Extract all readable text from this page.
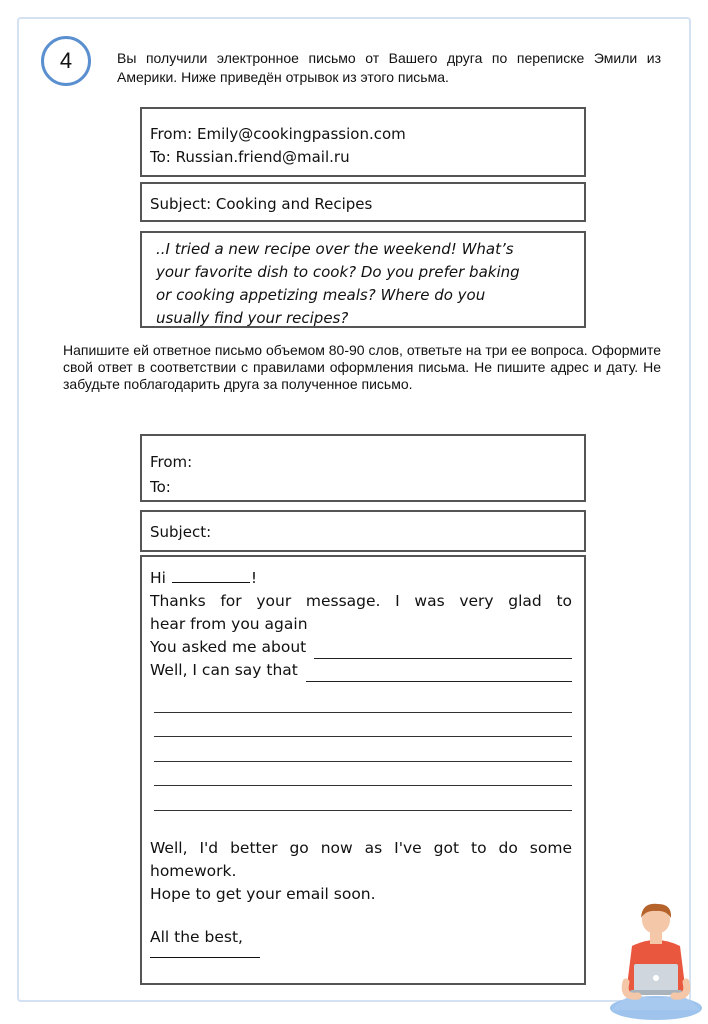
4	Вы получили электронное письмо от Вашего друга по переписке Эмили из Америки. Ниже приведён отрывок из этого письма.
From: Emily@cookingpassion.com
To: Russian.friend@mail.ru
Subject: Cooking and Recipes
..I tried a new recipe over the weekend! What’s
your favorite dish to cook? Do you prefer baking
or cooking appetizing meals? Where do you
usually find your recipes?
Напишите ей ответное письмо объемом 80-90 слов, ответьте на три ее вопроса. Оформите свой ответ в соответствии с правилами оформления письма. Не пишите адрес и дату. Не забудьте поблагодарить друга за полученное письмо.
From:
To:
Subject:
Hi	!
Thanks for your message. I was very glad to
hear from you again
You asked me about
Well, I can say that
Well, I'd better go now as I've got to do some
homework.
Hope to get your email soon.
All the best,
